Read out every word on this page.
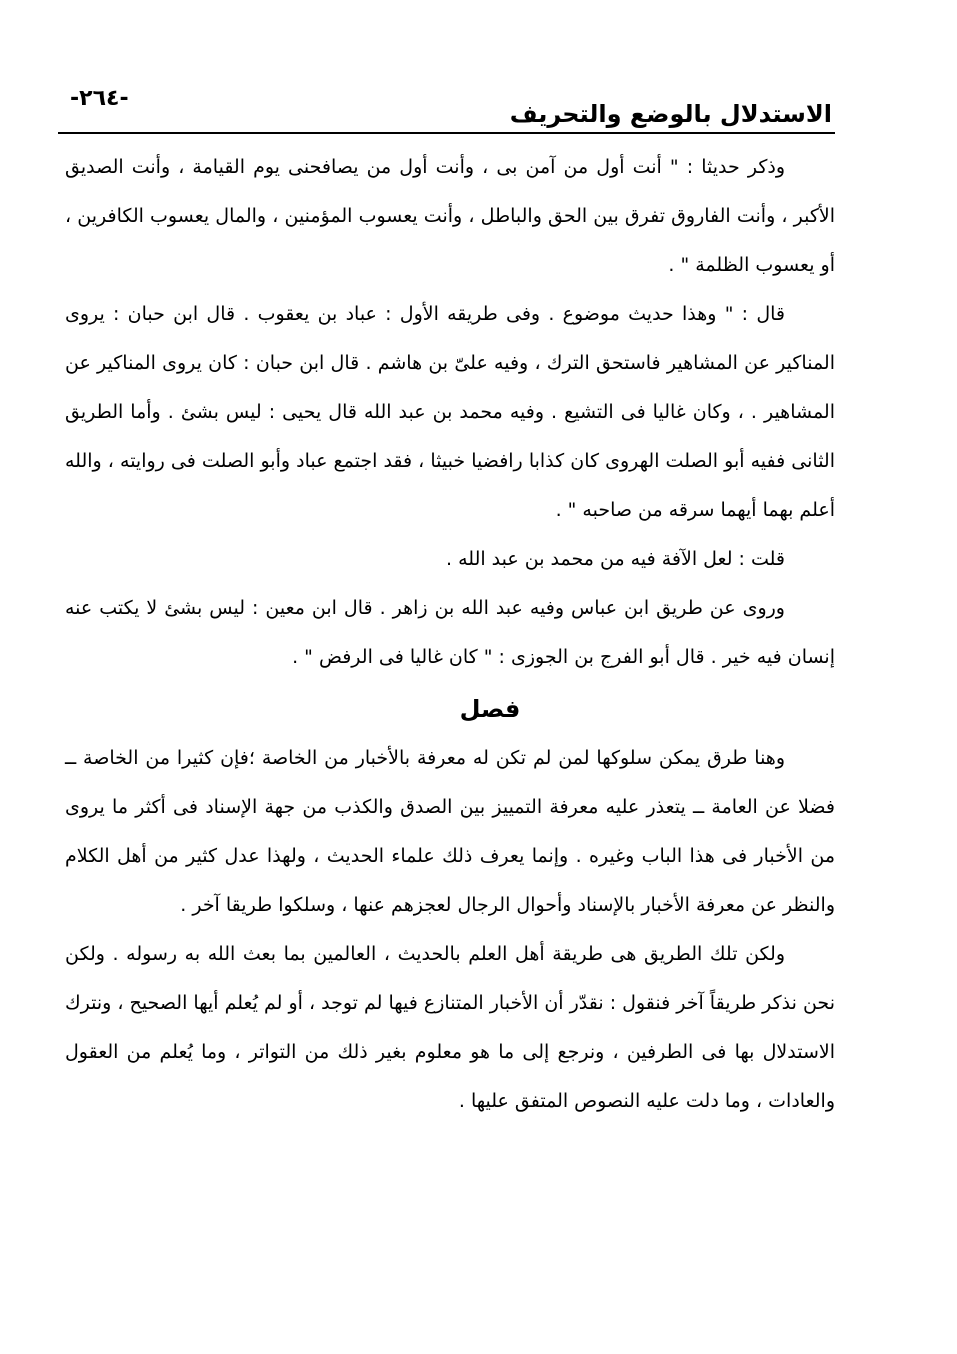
-٢٦٤-
الاستدلال بالوضع والتحريف

وذكر حديثا : " أنت أول من آمن بى ، وأنت أول من يصافحنى يوم القيامة ، وأنت الصديق الأكبر ، وأنت الفاروق تفرق بين الحق والباطل ، وأنت يعسوب المؤمنين ، والمال يعسوب الكافرين ، أو يعسوب الظلمة " .

قال : " وهذا حديث موضوع . وفى طريقه الأول : عباد بن يعقوب . قال ابن حبان : يروى المناكير عن المشاهير فاستحق الترك ، وفيه علىّ بن هاشم . قال ابن حبان : كان يروى المناكير عن المشاهير . ، وكان غاليا فى التشيع . وفيه محمد بن عبد الله قال يحيى : ليس بشئ . وأما الطريق الثانى ففيه أبو الصلت الهروى كان كذابا رافضيا خبيثا ، فقد اجتمع عباد وأبو الصلت فى روايته ، والله أعلم بهما أيهما سرقه من صاحبه " .

قلت : لعل الآفة فيه من محمد بن عبد الله .

وروى عن طريق ابن عباس وفيه عبد الله بن زاهر . قال ابن معين : ليس بشئ لا يكتب عنه إنسان فيه خير . قال أبو الفرج بن الجوزى : " كان غاليا فى الرفض " .

فصل

وهنا طرق يمكن سلوكها لمن لم تكن له معرفة بالأخبار من الخاصة ؛فإن كثيرا من الخاصة ــ فضلا عن العامة ــ يتعذر عليه معرفة التمييز بين الصدق والكذب من جهة الإسناد فى أكثر ما يروى من الأخبار فى هذا الباب وغيره . وإنما يعرف ذلك علماء الحديث ، ولهذا عدل كثير من أهل الكلام والنظر عن معرفة الأخبار بالإسناد وأحوال الرجال لعجزهم عنها ، وسلكوا طريقا آخر .

ولكن تلك الطريق هى طريقة أهل العلم بالحديث ، العالمين بما بعث الله به رسوله . ولكن نحن نذكر طريقاً آخر فنقول : نقدّر أن الأخبار المتنازع فيها لم توجد ، أو لم يُعلم أيها الصحيح ، ونترك الاستدلال بها فى الطرفين ، ونرجع إلى ما هو معلوم بغير ذلك من التواتر ، وما يُعلم من العقول والعادات ، وما دلت عليه النصوص المتفق عليها .
